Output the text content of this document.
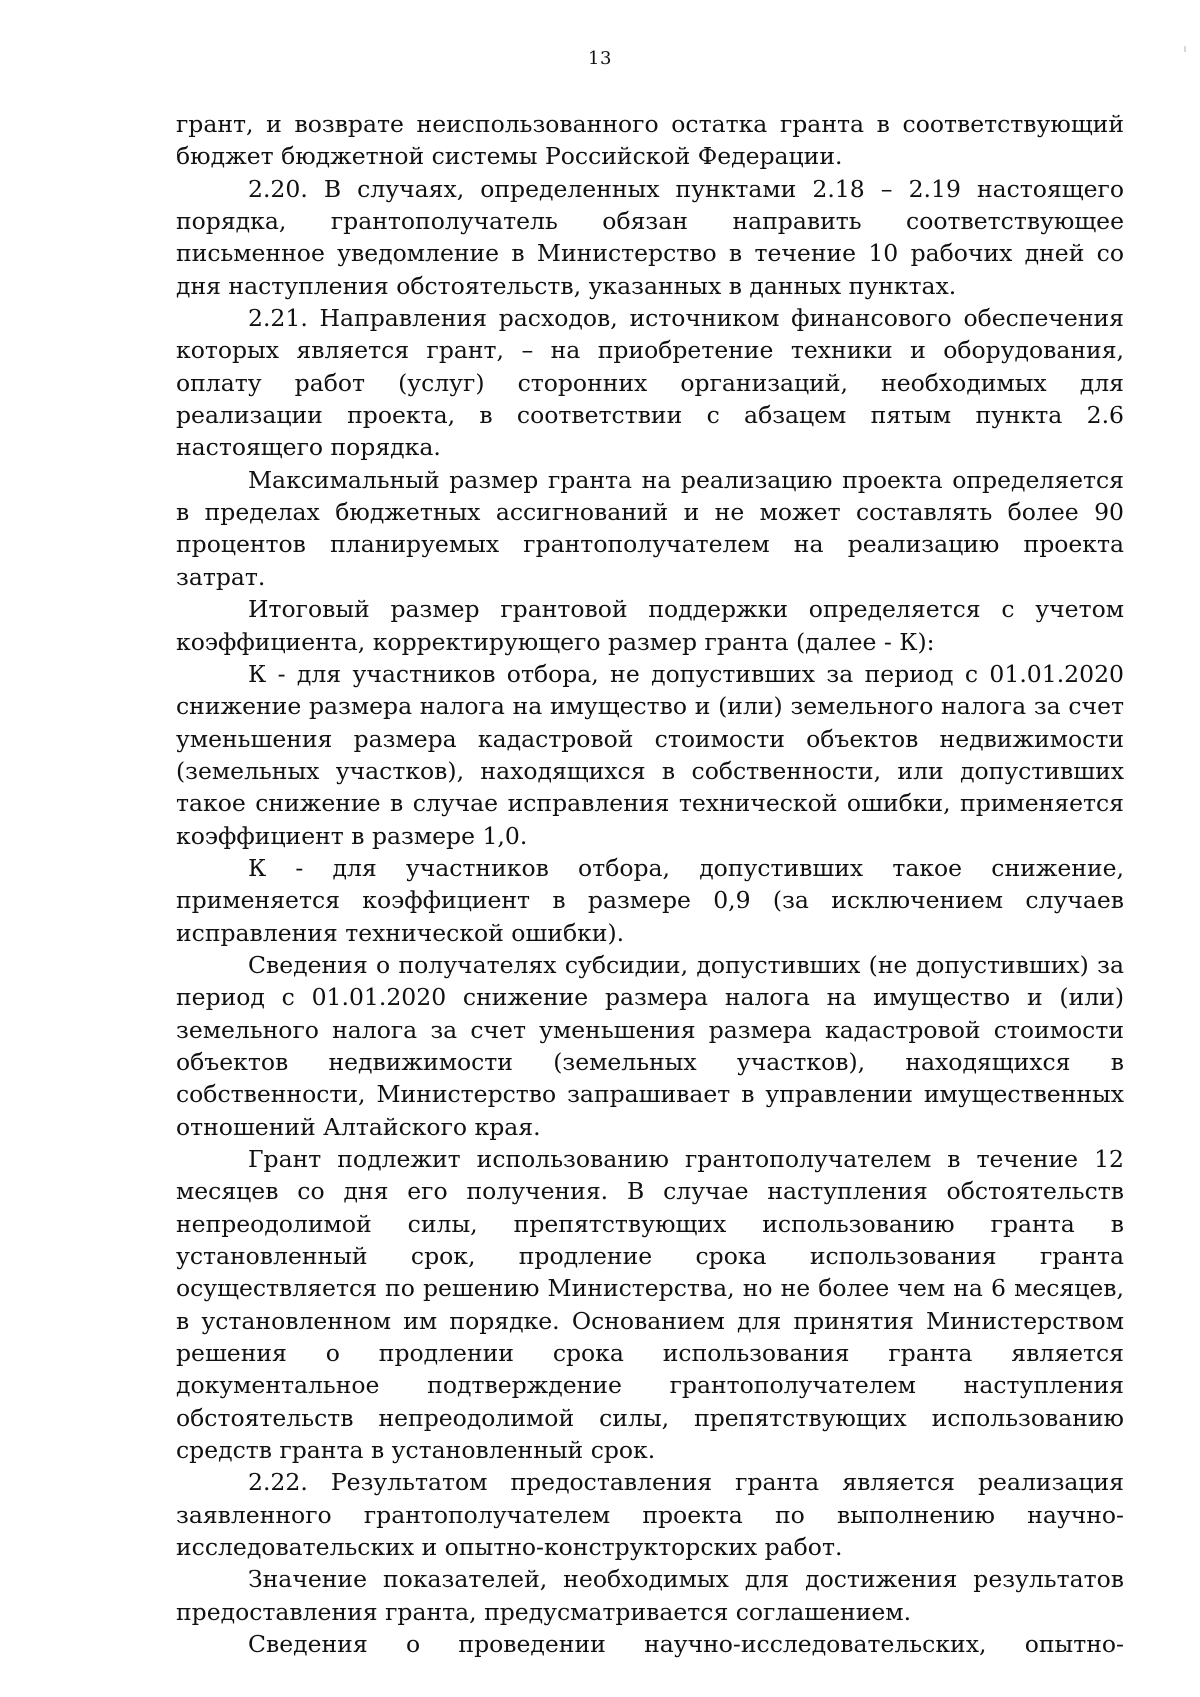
13

грант, и возврате неиспользованного остатка гранта в соответствующий бюджет бюджетной системы Российской Федерации.

2.20. В случаях, определенных пунктами 2.18 – 2.19 настоящего порядка, грантополучатель обязан направить соответствующее письменное уведомление в Министерство в течение 10 рабочих дней со дня наступления обстоятельств, указанных в данных пунктах.

2.21. Направления расходов, источником финансового обеспечения которых является грант, – на приобретение техники и оборудования, оплату работ (услуг) сторонних организаций, необходимых для реализации проекта, в соответствии с абзацем пятым пункта 2.6 настоящего порядка.

Максимальный размер гранта на реализацию проекта определяется в пределах бюджетных ассигнований и не может составлять более 90 процентов планируемых грантополучателем на реализацию проекта затрат.

Итоговый размер грантовой поддержки определяется с учетом коэффициента, корректирующего размер гранта (далее - К):

К - для участников отбора, не допустивших за период с 01.01.2020 снижение размера налога на имущество и (или) земельного налога за счет уменьшения размера кадастровой стоимости объектов недвижимости (земельных участков), находящихся в собственности, или допустивших такое снижение в случае исправления технической ошибки, применяется коэффициент в размере 1,0.

К - для участников отбора, допустивших такое снижение, применяется коэффициент в размере 0,9 (за исключением случаев исправления технической ошибки).

Сведения о получателях субсидии, допустивших (не допустивших) за период с 01.01.2020 снижение размера налога на имущество и (или) земельного налога за счет уменьшения размера кадастровой стоимости объектов недвижимости (земельных участков), находящихся в собственности, Министерство запрашивает в управлении имущественных отношений Алтайского края.

Грант подлежит использованию грантополучателем в течение 12 месяцев со дня его получения. В случае наступления обстоятельств непреодолимой силы, препятствующих использованию гранта в установленный срок, продление срока использования гранта осуществляется по решению Министерства, но не более чем на 6 месяцев, в установленном им порядке. Основанием для принятия Министерством решения о продлении срока использования гранта является документальное подтверждение грантополучателем наступления обстоятельств непреодолимой силы, препятствующих использованию средств гранта в установленный срок.

2.22. Результатом предоставления гранта является реализация заявленного грантополучателем проекта по выполнению научно-исследовательских и опытно-конструкторских работ.

Значение показателей, необходимых для достижения результатов предоставления гранта, предусматривается соглашением.

Сведения о проведении научно-исследовательских, опытно-
